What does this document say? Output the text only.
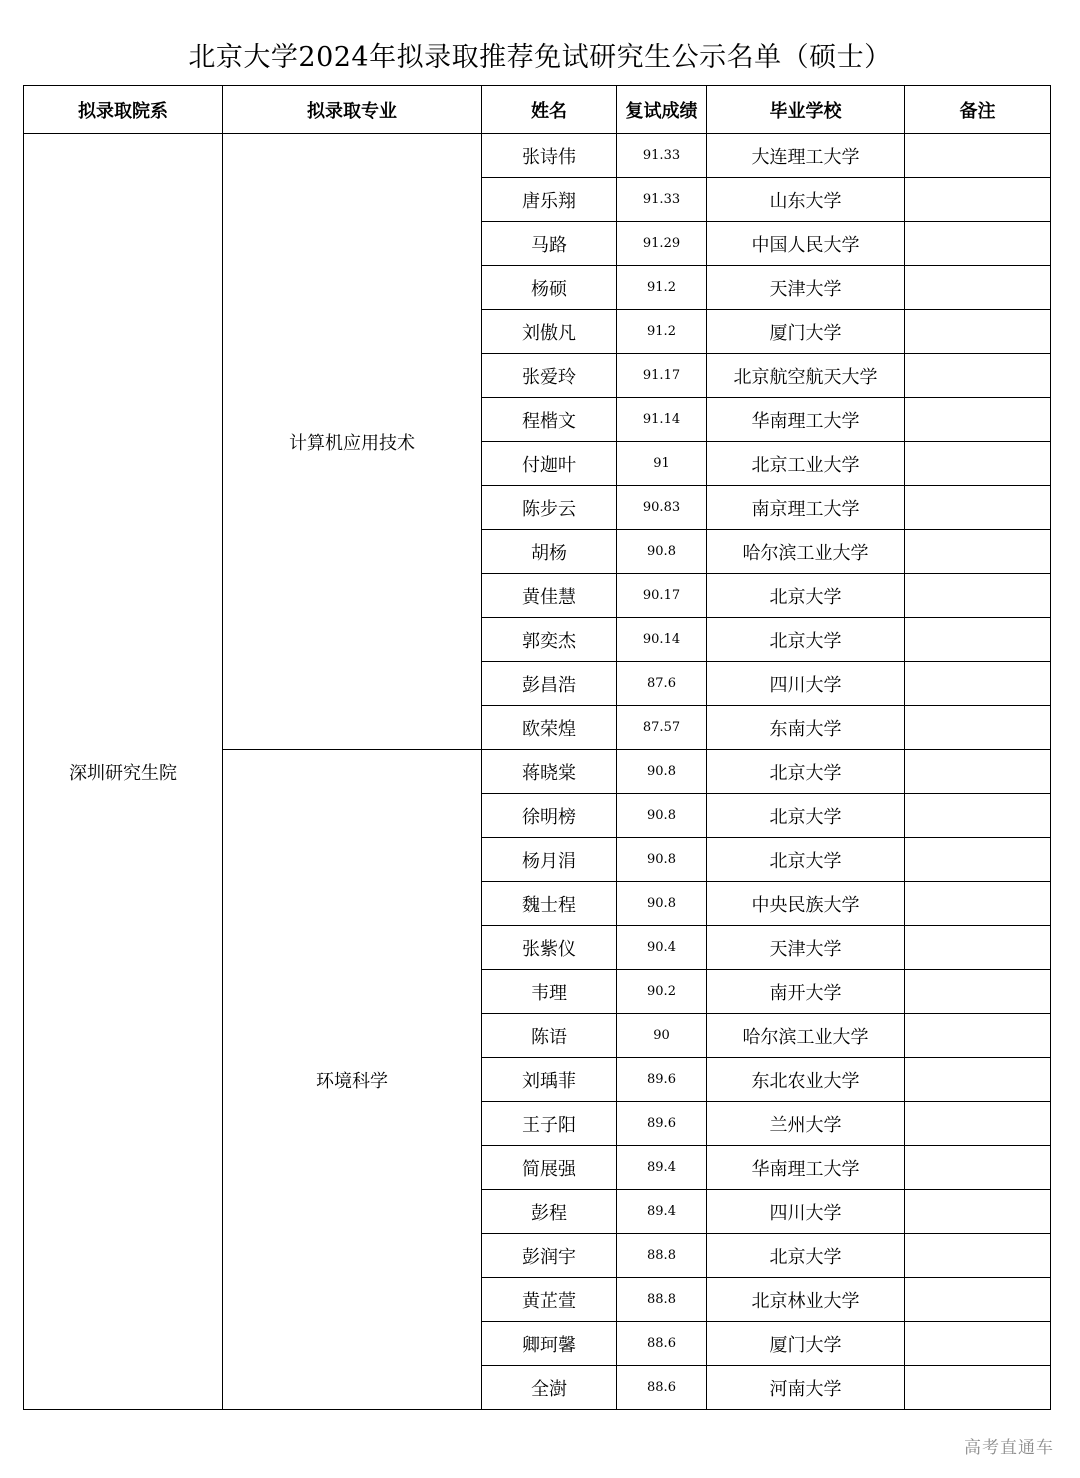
北京大学2024年拟录取推荐免试研究生公示名单（硕士）
拟录取院系	拟录取专业	姓名	复试成绩	毕业学校	备注
深圳研究生院	计算机应用技术	张诗伟	91.33	大连理工大学	
		唐乐翔	91.33	山东大学	
		马路	91.29	中国人民大学	
		杨硕	91.2	天津大学	
		刘傲凡	91.2	厦门大学	
		张爱玲	91.17	北京航空航天大学	
		程楷文	91.14	华南理工大学	
		付迦叶	91	北京工业大学	
		陈步云	90.83	南京理工大学	
		胡杨	90.8	哈尔滨工业大学	
		黄佳慧	90.17	北京大学	
		郭奕杰	90.14	北京大学	
		彭昌浩	87.6	四川大学	
		欧荣煌	87.57	东南大学	
	环境科学	蒋晓棠	90.8	北京大学	
		徐明榜	90.8	北京大学	
		杨月涓	90.8	北京大学	
		魏士程	90.8	中央民族大学	
		张紫仪	90.4	天津大学	
		韦理	90.2	南开大学	
		陈语	90	哈尔滨工业大学	
		刘瑀菲	89.6	东北农业大学	
		王子阳	89.6	兰州大学	
		简展强	89.4	华南理工大学	
		彭程	89.4	四川大学	
		彭润宇	88.8	北京大学	
		黄芷萱	88.8	北京林业大学	
		卿珂馨	88.6	厦门大学	
		全澍	88.6	河南大学	
高考直通车
